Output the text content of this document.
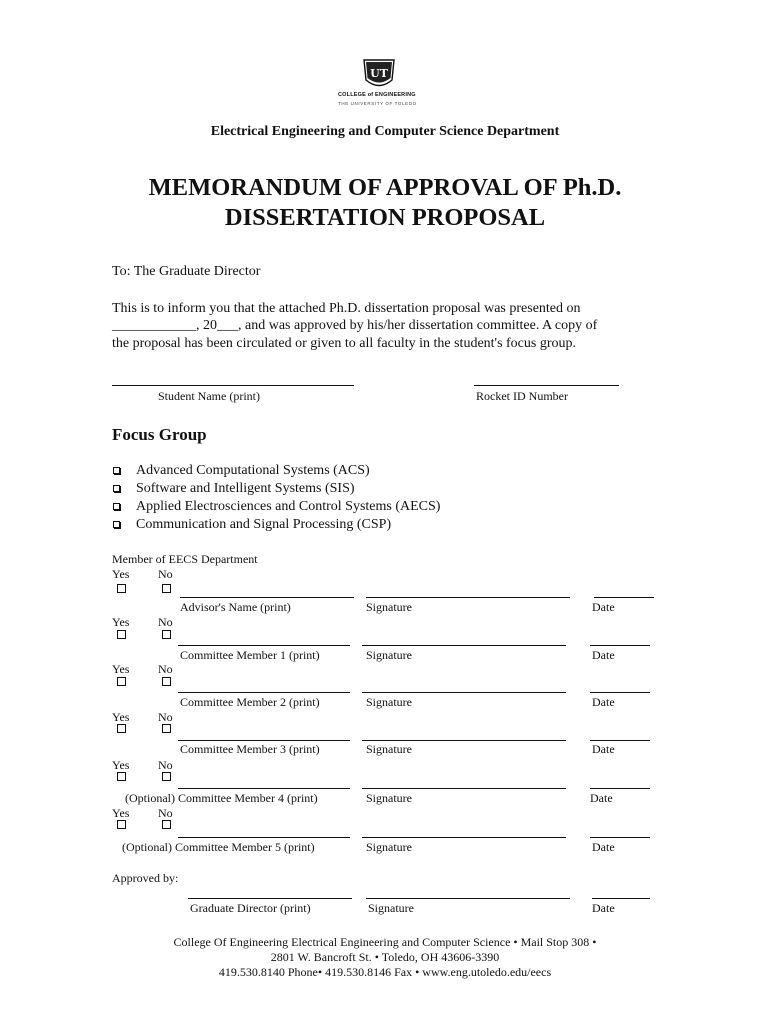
UT
COLLEGE of ENGINEERING
THE UNIVERSITY OF TOLEDO
Electrical Engineering and Computer Science Department
MEMORANDUM OF APPROVAL OF Ph.D.
DISSERTATION PROPOSAL
To: The Graduate Director
This is to inform you that the attached Ph.D. dissertation proposal was presented on
____________, 20___, and was approved by his/her dissertation committee. A copy of
the proposal has been circulated or given to all faculty in the student's focus group.
Student Name (print)	Rocket ID Number
Focus Group
Advanced Computational Systems (ACS)
Software and Intelligent Systems (SIS)
Applied Electrosciences and Control Systems (AECS)
Communication and Signal Processing (CSP)
Member of EECS Department
Yes No
Advisor's Name (print)	Signature	Date
Yes No
Committee Member 1 (print)	Signature	Date
Yes No
Committee Member 2 (print)	Signature	Date
Yes No
Committee Member 3 (print)	Signature	Date
Yes No
(Optional) Committee Member 4 (print)	Signature	Date
Yes No
(Optional) Committee Member 5 (print)	Signature	Date
Approved by:
Graduate Director (print)	Signature	Date
College Of Engineering Electrical Engineering and Computer Science • Mail Stop 308 •
2801 W. Bancroft St. • Toledo, OH 43606-3390
419.530.8140 Phone• 419.530.8146 Fax • www.eng.utoledo.edu/eecs
